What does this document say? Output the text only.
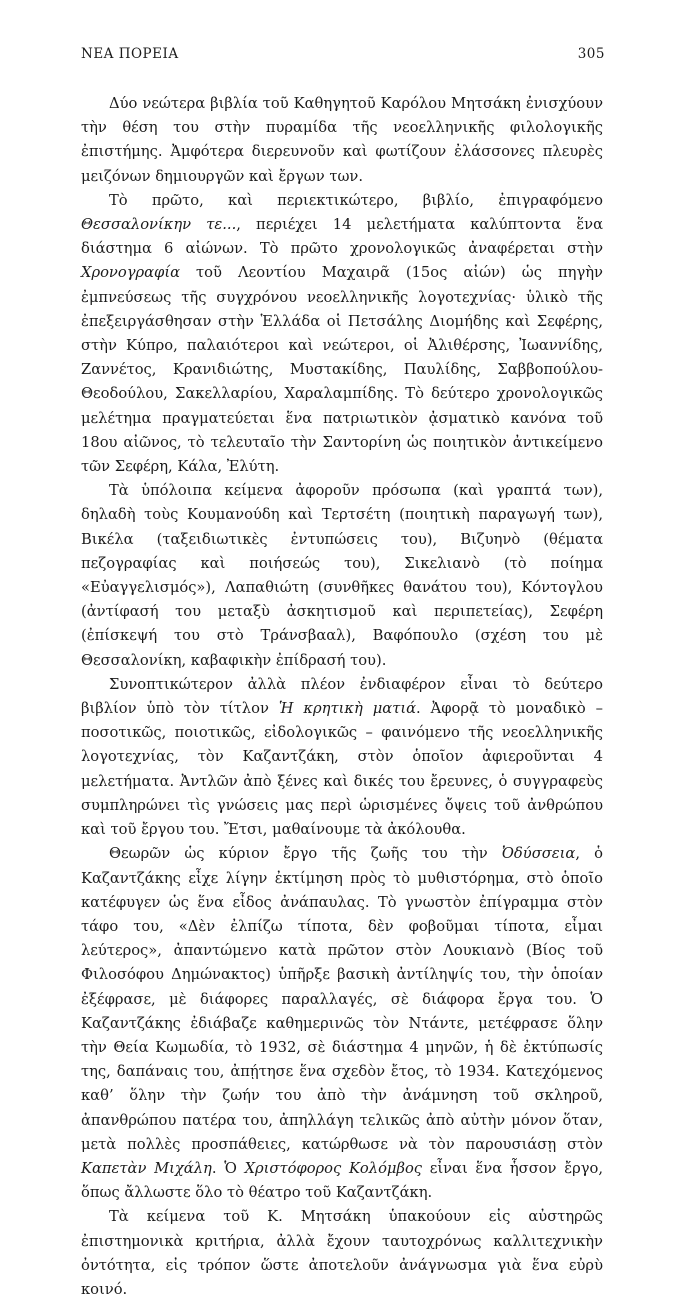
ΝΕΑ ΠΟΡΕΙΑ	305

Δύο νεώτερα βιβλία τοῦ Καθηγητοῦ Καρόλου Μητσάκη ἐνισχύουν τὴν θέση του στὴν πυραμίδα τῆς νεοελληνικῆς φιλολογικῆς ἐπιστήμης. Ἀμφότερα διερευνοῦν καὶ φωτίζουν ἐλάσσονες πλευρὲς μειζόνων δημιουργῶν καὶ ἔργων των.

Τὸ πρῶτο, καὶ περιεκτικώτερο, βιβλίο, ἐπιγραφόμενο Θεσσαλονίκην τε..., περιέχει 14 μελετήματα καλύπτοντα ἕνα διάστημα 6 αἰώνων. Τὸ πρῶτο χρονολογικῶς ἀναφέρεται στὴν Χρονογραφία τοῦ Λεοντίου Μαχαιρᾶ (15ος αἰών) ὡς πηγὴν ἐμπνεύσεως τῆς συγχρόνου νεοελληνικῆς λογοτεχνίας· ὑλικὸ τῆς ἐπεξειργάσθησαν στὴν Ἑλλάδα οἱ Πετσάλης Διομήδης καὶ Σεφέρης, στὴν Κύπρο, παλαιότεροι καὶ νεώτεροι, οἱ Ἀλιθέρσης, Ἰωαννίδης, Ζαννέτος, Κρανιδιώτης, Μυστακίδης, Παυλίδης, Σαββοπούλου-Θεοδούλου, Σακελλαρίου, Χαραλαμπίδης. Τὸ δεύτερο χρονολογικῶς μελέτημα πραγματεύεται ἕνα πατριωτικὸν ᾀσματικὸ κανόνα τοῦ 18ου αἰῶνος, τὸ τελευταῖο τὴν Σαντορίνη ὡς ποιητικὸν ἀντικείμενο τῶν Σεφέρη, Κάλα, Ἐλύτη.

Τὰ ὑπόλοιπα κείμενα ἀφοροῦν πρόσωπα (καὶ γραπτά των), δηλαδὴ τοὺς Κουμανούδη καὶ Τερτσέτη (ποιητικὴ παραγωγή των), Βικέλα (ταξειδιωτικὲς ἐντυπώσεις του), Βιζυηνὸ (θέματα πεζογραφίας καὶ ποιήσεώς του), Σικελιανὸ (τὸ ποίημα «Εὐαγγελισμός»), Λαπαθιώτη (συνθῆκες θανάτου του), Κόντογλου (ἀντίφασή του μεταξὺ ἀσκητισμοῦ καὶ περιπετείας), Σεφέρη (ἐπίσκεψή του στὸ Τράνσβααλ), Βαφόπουλο (σχέση του μὲ Θεσσαλονίκη, καβαφικὴν ἐπίδρασή του).

Συνοπτικώτερον ἀλλὰ πλέον ἐνδιαφέρον εἶναι τὸ δεύτερο βιβλίον ὑπὸ τὸν τίτλον Ἡ κρητικὴ ματιά. Ἀφορᾷ τὸ μοναδικὸ – ποσοτικῶς, ποιοτικῶς, εἰδολογικῶς – φαινόμενο τῆς νεοελληνικῆς λογοτεχνίας, τὸν Καζαντζάκη, στὸν ὁποῖον ἀφιεροῦνται 4 μελετήματα. Ἀντλῶν ἀπὸ ξένες καὶ δικές του ἔρευνες, ὁ συγγραφεὺς συμπληρώνει τὶς γνώσεις μας περὶ ὡρισμένες ὄψεις τοῦ ἀνθρώπου καὶ τοῦ ἔργου του. Ἔτσι, μαθαίνουμε τὰ ἀκόλουθα.

Θεωρῶν ὡς κύριον ἔργο τῆς ζωῆς του τὴν Ὀδύσσεια, ὁ Καζαντζάκης εἶχε λίγην ἐκτίμηση πρὸς τὸ μυθιστόρημα, στὸ ὁποῖο κατέφυγεν ὡς ἕνα εἶδος ἀνάπαυλας. Τὸ γνωστὸν ἐπίγραμμα στὸν τάφο του, «Δὲν ἐλπίζω τίποτα, δὲν φοβοῦμαι τίποτα, εἶμαι λεύτερος», ἀπαντώμενο κατὰ πρῶτον στὸν Λουκιανὸ (Βίος τοῦ Φιλοσόφου Δημώνακτος) ὑπῆρξε βασικὴ ἀντίληψίς του, τὴν ὁποίαν ἐξέφρασε, μὲ διάφορες παραλλαγές, σὲ διάφορα ἔργα του. Ὁ Καζαντζάκης ἐδιάβαζε καθημερινῶς τὸν Ντάντε, μετέφρασε ὅλην τὴν Θεία Κωμωδία, τὸ 1932, σὲ διάστημα 4 μηνῶν, ἡ δὲ ἐκτύπωσίς της, δαπάναις του, ἀπῄτησε ἕνα σχεδὸν ἔτος, τὸ 1934. Κατεχόμενος καθ’ ὅλην τὴν ζωήν του ἀπὸ τὴν ἀνάμνηση τοῦ σκληροῦ, ἀπανθρώπου πατέρα του, ἀπηλλάγη τελικῶς ἀπὸ αὐτὴν μόνον ὅταν, μετὰ πολλὲς προσπάθειες, κατώρθωσε νὰ τὸν παρουσιάσῃ στὸν Καπετὰν Μιχάλη. Ὁ Χριστόφορος Κολόμβος εἶναι ἕνα ἧσσον ἔργο, ὅπως ἄλλωστε ὅλο τὸ θέατρο τοῦ Καζαντζάκη.

Τὰ κείμενα τοῦ Κ. Μητσάκη ὑπακούουν εἰς αὐστηρῶς ἐπιστημονικὰ κριτήρια, ἀλλὰ ἔχουν ταυτοχρόνως καλλιτεχνικὴν ὀντότητα, εἰς τρόπον ὥστε ἀποτελοῦν ἀνάγνωσμα γιὰ ἕνα εὐρὺ κοινό.
